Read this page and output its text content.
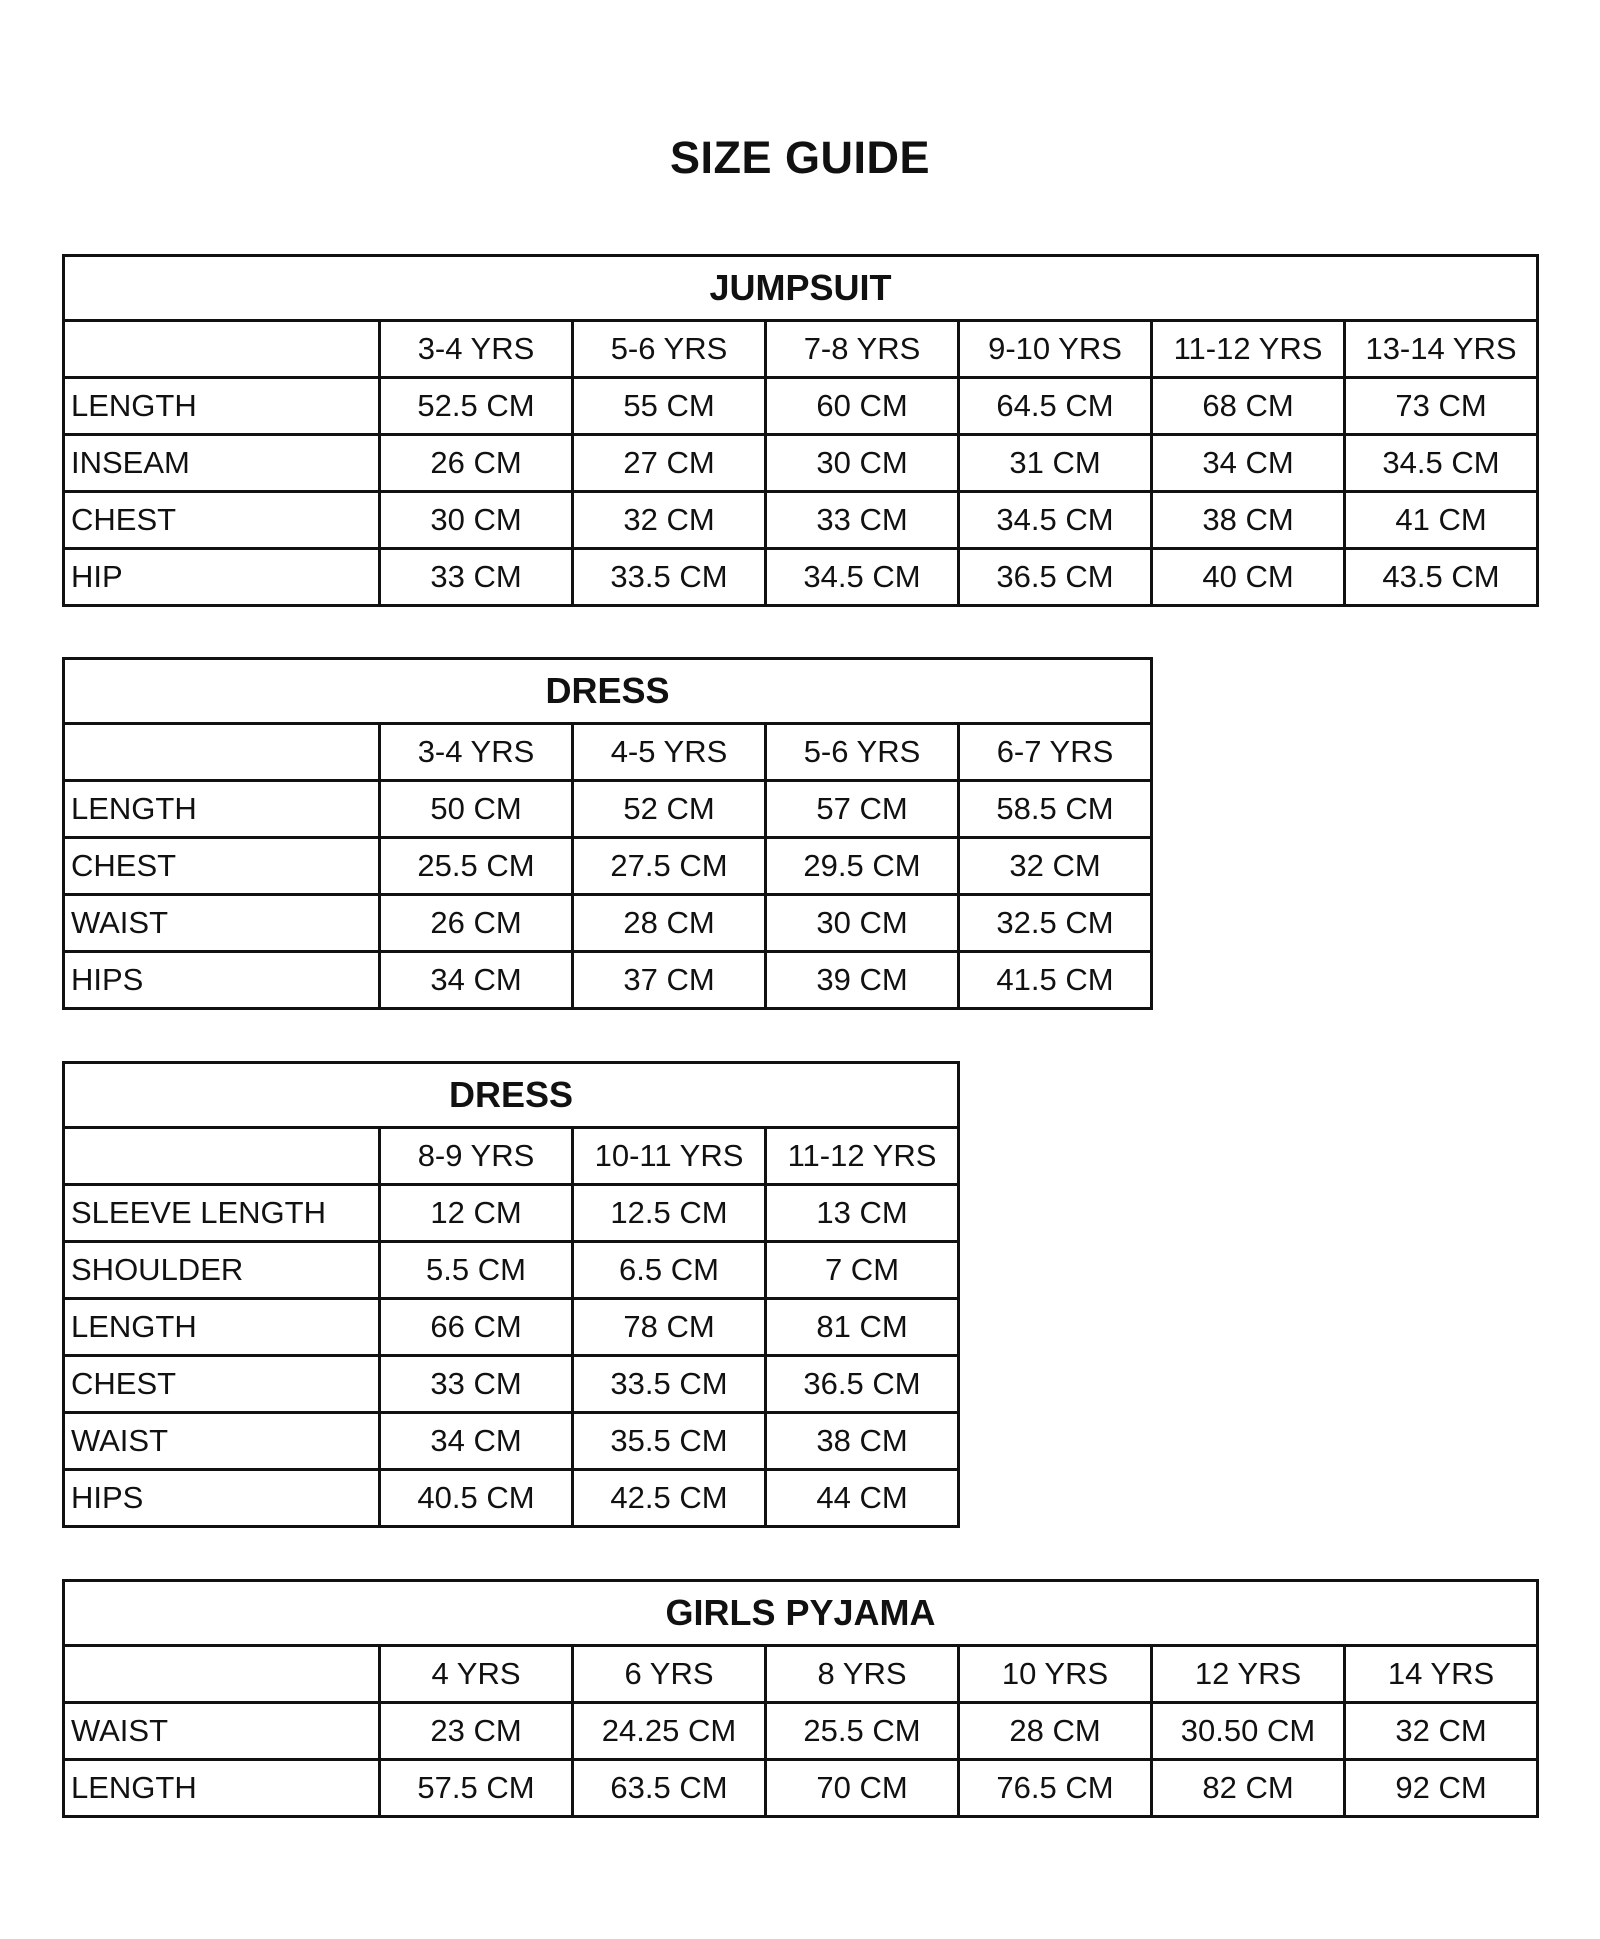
SIZE GUIDE
JUMPSUIT						
	3-4 YRS	5-6 YRS	7-8 YRS	9-10 YRS	11-12 YRS	13-14 YRS
LENGTH	52.5 CM	55 CM	60 CM	64.5 CM	68 CM	73 CM
INSEAM	26 CM	27 CM	30 CM	31 CM	34 CM	34.5 CM
CHEST	30 CM	32 CM	33 CM	34.5 CM	38 CM	41 CM
HIP	33 CM	33.5 CM	34.5 CM	36.5 CM	40 CM	43.5 CM
DRESS				
	3-4 YRS	4-5 YRS	5-6 YRS	6-7 YRS
LENGTH	50 CM	52 CM	57 CM	58.5 CM
CHEST	25.5 CM	27.5 CM	29.5 CM	32 CM
WAIST	26 CM	28 CM	30 CM	32.5 CM
HIPS	34 CM	37 CM	39 CM	41.5 CM
DRESS			
	8-9 YRS	10-11 YRS	11-12 YRS
SLEEVE LENGTH	12 CM	12.5 CM	13 CM
SHOULDER	5.5 CM	6.5 CM	7 CM
LENGTH	66 CM	78 CM	81 CM
CHEST	33 CM	33.5 CM	36.5 CM
WAIST	34 CM	35.5 CM	38 CM
HIPS	40.5 CM	42.5 CM	44 CM
GIRLS PYJAMA						
	4 YRS	6 YRS	8 YRS	10 YRS	12 YRS	14 YRS
WAIST	23 CM	24.25 CM	25.5 CM	28 CM	30.50 CM	32 CM
LENGTH	57.5 CM	63.5 CM	70 CM	76.5 CM	82 CM	92 CM
